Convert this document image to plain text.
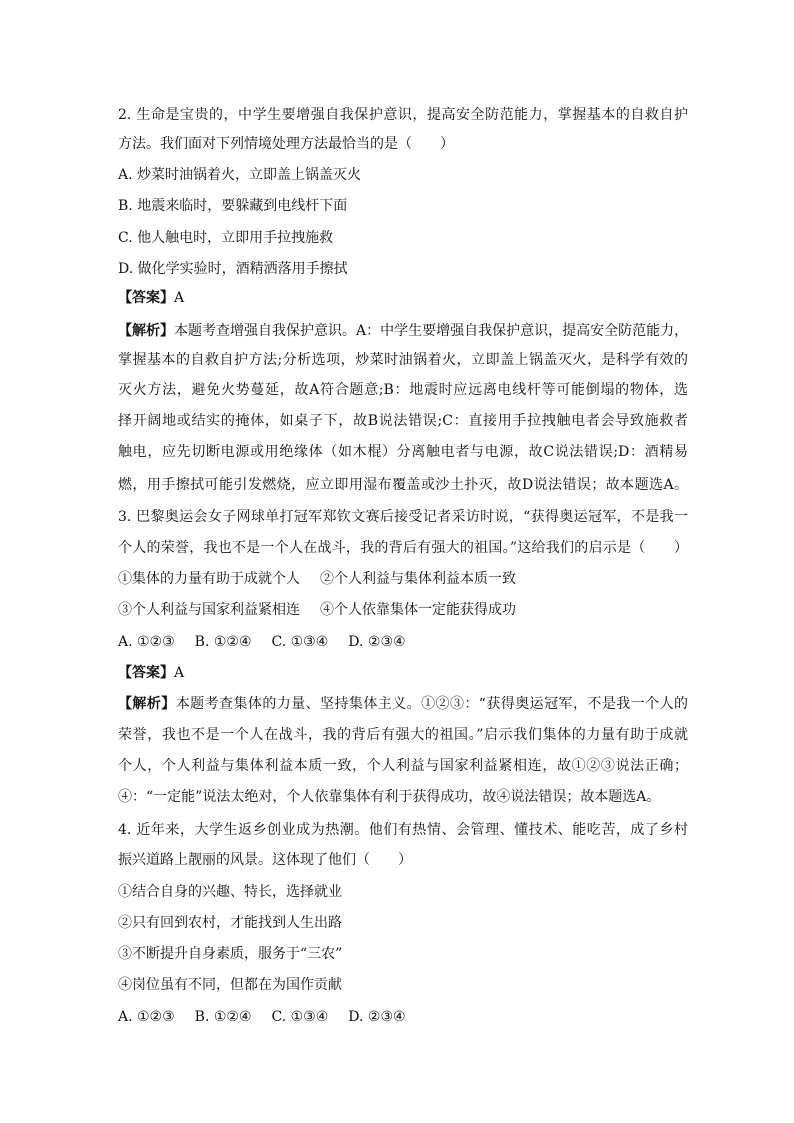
2. 生命是宝贵的，中学生要增强自我保护意识，提高安全防范能力，掌握基本的自救自护
方法。我们面对下列情境处理方法最恰当的是（　　）
A. 炒菜时油锅着火，立即盖上锅盖灭火
B. 地震来临时，要躲藏到电线杆下面
C. 他人触电时，立即用手拉拽施救
D. 做化学实验时，酒精洒落用手擦拭
【答案】A
【解析】本题考查增强自我保护意识。A：中学生要增强自我保护意识，提高安全防范能力，
掌握基本的自救自护方法;分析选项，炒菜时油锅着火，立即盖上锅盖灭火，是科学有效的
灭火方法，避免火势蔓延，故A符合题意;B：地震时应远离电线杆等可能倒塌的物体，选
择开阔地或结实的掩体，如桌子下，故B说法错误;C：直接用手拉拽触电者会导致施救者
触电，应先切断电源或用绝缘体（如木棍）分离触电者与电源，故C说法错误;D：酒精易
燃，用手擦拭可能引发燃烧，应立即用湿布覆盖或沙土扑灭，故D说法错误；故本题选A。
3. 巴黎奥运会女子网球单打冠军郑钦文赛后接受记者采访时说，“获得奥运冠军，不是我一
个人的荣誉，我也不是一个人在战斗，我的背后有强大的祖国。”这给我们的启示是（　　）
①集体的力量有助于成就个人 ②个人利益与集体利益本质一致
③个人利益与国家利益紧相连 ④个人依靠集体一定能获得成功
A. ①②③ B. ①②④ C. ①③④ D. ②③④
【答案】A
【解析】本题考查集体的力量、坚持集体主义。①②③：“获得奥运冠军，不是我一个人的
荣誉，我也不是一个人在战斗，我的背后有强大的祖国。”启示我们集体的力量有助于成就
个人，个人利益与集体利益本质一致，个人利益与国家利益紧相连，故①②③说法正确；
④：“一定能”说法太绝对，个人依靠集体有利于获得成功，故④说法错误；故本题选A。
4. 近年来，大学生返乡创业成为热潮。他们有热情、会管理、懂技术、能吃苦，成了乡村
振兴道路上靓丽的风景。这体现了他们（　　）
①结合自身的兴趣、特长，选择就业
②只有回到农村，才能找到人生出路
③不断提升自身素质，服务于“三农”
④岗位虽有不同，但都在为国作贡献
A. ①②③ B. ①②④ C. ①③④ D. ②③④
